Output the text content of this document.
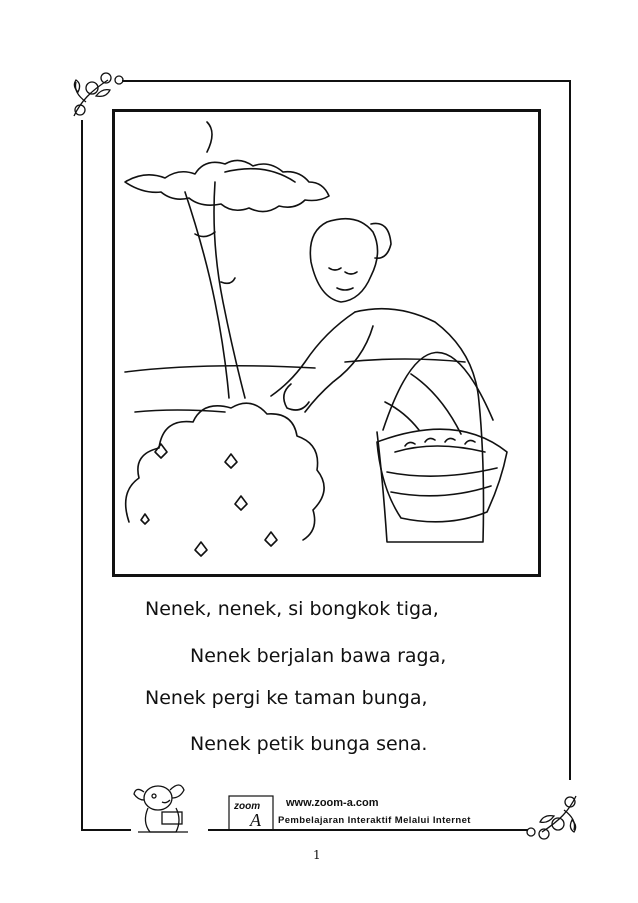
Nenek, nenek, si bongkok tiga,
Nenek berjalan bawa raga,
Nenek pergi ke taman bunga,
Nenek petik bunga sena.
zoom
A
www.zoom-a.com
Pembelajaran Interaktif Melalui Internet
1
